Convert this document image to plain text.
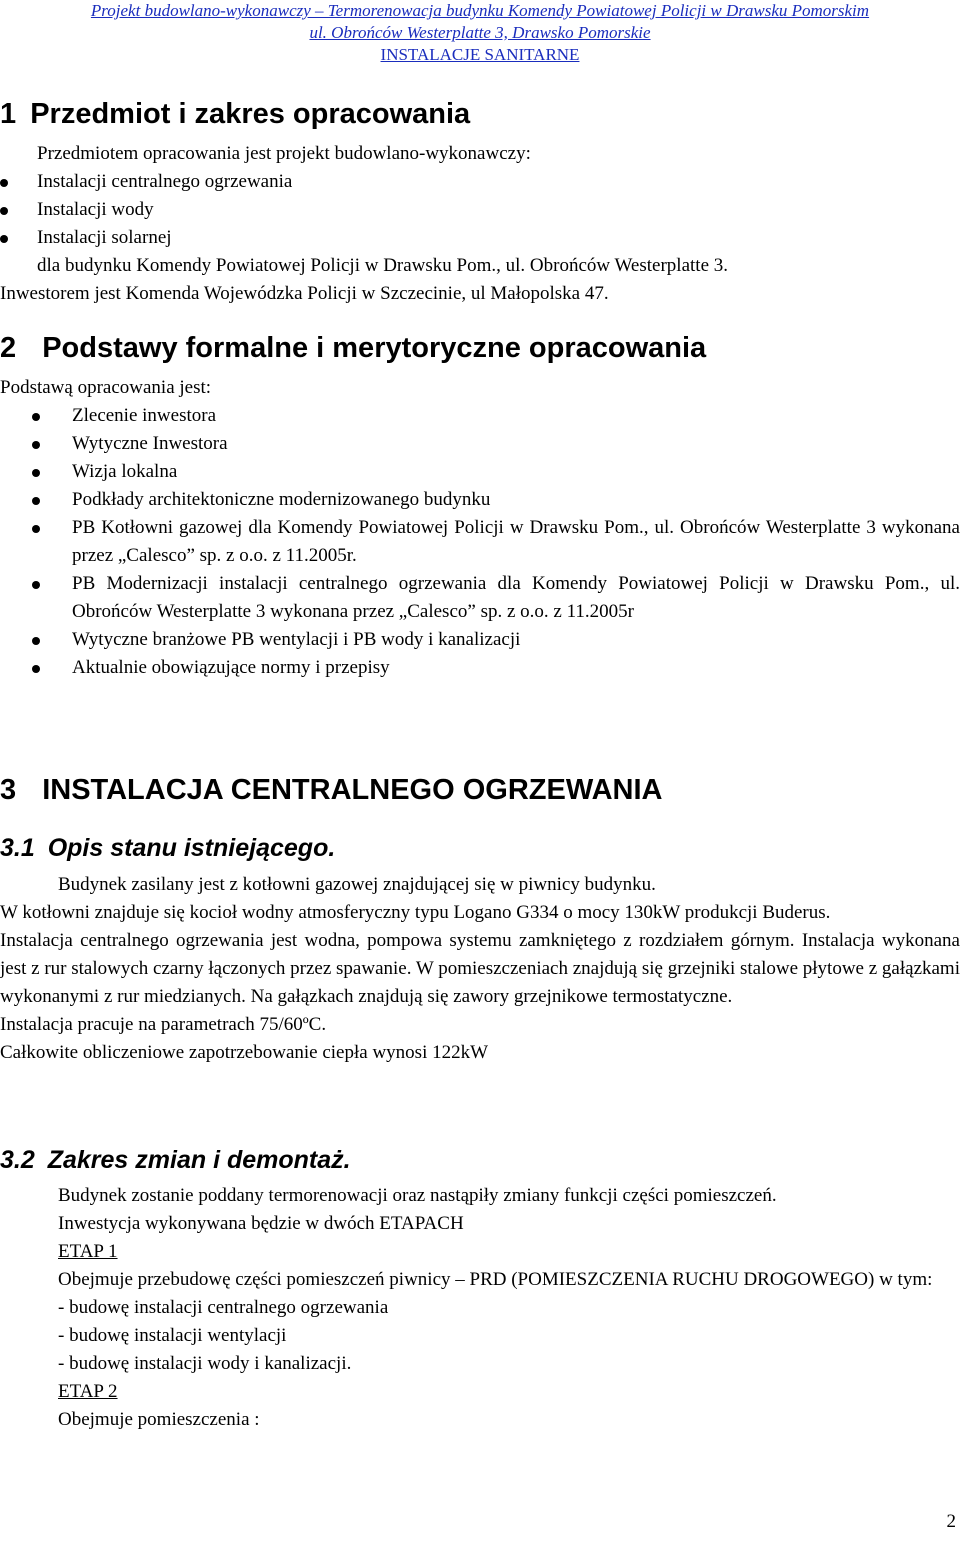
Projekt budowlano-wykonawczy – Termorenowacja budynku Komendy Powiatowej Policji w Drawsku Pomorskim
ul. Obrońców Westerplatte 3, Drawsko Pomorskie
INSTALACJE SANITARNE
1 Przedmiot i zakres opracowania

Przedmiotem opracowania jest projekt budowlano-wykonawczy:

Instalacji centralnego ogrzewania
Instalacji wody
Instalacji solarnej

dla budynku Komendy Powiatowej Policji w Drawsku Pom., ul. Obrońców Westerplatte 3.

Inwestorem jest Komenda Wojewódzka Policji w Szczecinie, ul Małopolska 47.

2 Podstawy formalne i merytoryczne opracowania

Podstawą opracowania jest:

Zlecenie inwestora
Wytyczne Inwestora
Wizja lokalna
Podkłady architektoniczne modernizowanego budynku
PB Kotłowni gazowej dla Komendy Powiatowej Policji w Drawsku Pom., ul. Obrońców Westerplatte 3 wykonana przez „Calesco” sp. z o.o. z 11.2005r.
PB Modernizacji instalacji centralnego ogrzewania dla Komendy Powiatowej Policji w Drawsku Pom., ul. Obrońców Westerplatte 3 wykonana przez „Calesco” sp. z o.o. z 11.2005r
Wytyczne branżowe PB wentylacji i PB wody i kanalizacji
Aktualnie obowiązujące normy i przepisy
3 INSTALACJA CENTRALNEGO OGRZEWANIA
3.1 Opis stanu istniejącego.

Budynek zasilany jest z kotłowni gazowej znajdującej się w piwnicy budynku.

W kotłowni znajduje się kocioł wodny atmosferyczny typu Logano G334 o mocy 130kW produkcji Buderus.

Instalacja centralnego ogrzewania jest wodna, pompowa systemu zamkniętego z rozdziałem górnym. Instalacja wykonana jest z rur stalowych czarny łączonych przez spawanie. W pomieszczeniach znajdują się grzejniki stalowe płytowe z gałązkami wykonanymi z rur miedzianych. Na gałązkach znajdują się zawory grzejnikowe termostatyczne.

Instalacja pracuje na parametrach 75/60ºC.

Całkowite obliczeniowe zapotrzebowanie ciepła wynosi 122kW

3.2 Zakres zmian i demontaż.

Budynek zostanie poddany termorenowacji oraz nastąpiły zmiany funkcji części pomieszczeń.

Inwestycja wykonywana będzie w dwóch ETAPACH

ETAP 1

Obejmuje przebudowę części pomieszczeń piwnicy – PRD (POMIESZCZENIA RUCHU DROGOWEGO) w tym:

- budowę instalacji centralnego ogrzewania

- budowę instalacji wentylacji

- budowę instalacji wody i kanalizacji.

ETAP 2

Obejmuje pomieszczenia :

2
